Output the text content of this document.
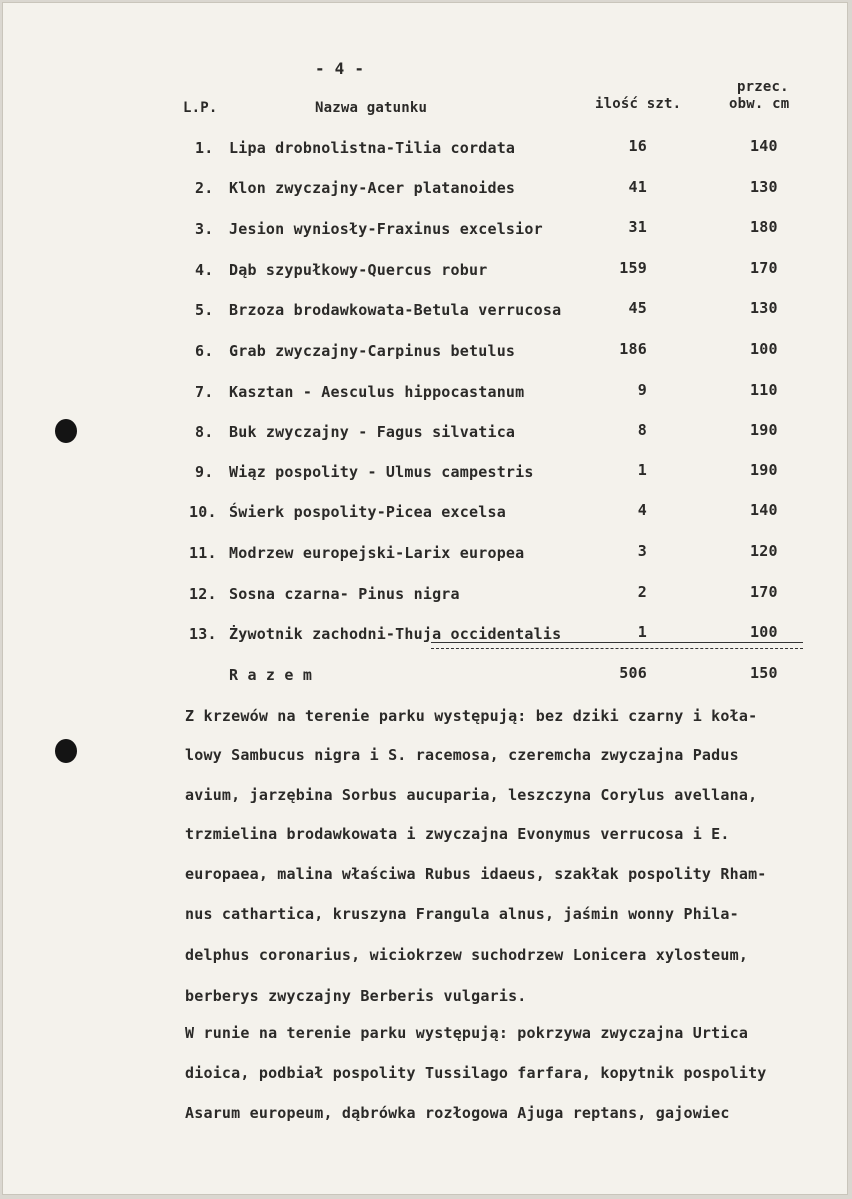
- 4 -
L.P.	Nazwa gatunku	ilość szt.
przec.
obw. cm
1. Lipa drobnolistna-Tilia cordata	16	140
2. Klon zwyczajny-Acer platanoides	41	130
3. Jesion wyniosły-Fraxinus excelsior	31	180
4. Dąb szypułkowy-Quercus robur	159	170
5. Brzoza brodawkowata-Betula verrucosa	45	130
6. Grab zwyczajny-Carpinus betulus	186	100
7. Kasztan - Aesculus hippocastanum	9	110
8. Buk zwyczajny - Fagus silvatica	8	190
9. Wiąz pospolity - Ulmus campestris	1	190
10. Świerk pospolity-Picea excelsa	4	140
11. Modrzew europejski-Larix europea	3	120
12. Sosna czarna- Pinus nigra	2	170
13. Żywotnik zachodni-Thuja occidentalis	1	100
R a z e m	506	150
Z krzewów na terenie parku występują: bez dziki czarny i koła-
lowy Sambucus nigra i S. racemosa, czeremcha zwyczajna Padus
avium, jarzębina Sorbus aucuparia, leszczyna Corylus avellana,
trzmielina brodawkowata i zwyczajna Evonymus verrucosa i E.
europaea, malina właściwa Rubus idaeus, szakłak pospolity Rham-
nus cathartica, kruszyna Frangula alnus, jaśmin wonny Phila-
delphus coronarius, wiciokrzew suchodrzew Lonicera xylosteum,
berberys zwyczajny Berberis vulgaris.
W runie na terenie parku występują: pokrzywa zwyczajna Urtica
dioica, podbiał pospolity Tussilago farfara, kopytnik pospolity
Asarum europeum, dąbrówka rozłogowa Ajuga reptans, gajowiec
